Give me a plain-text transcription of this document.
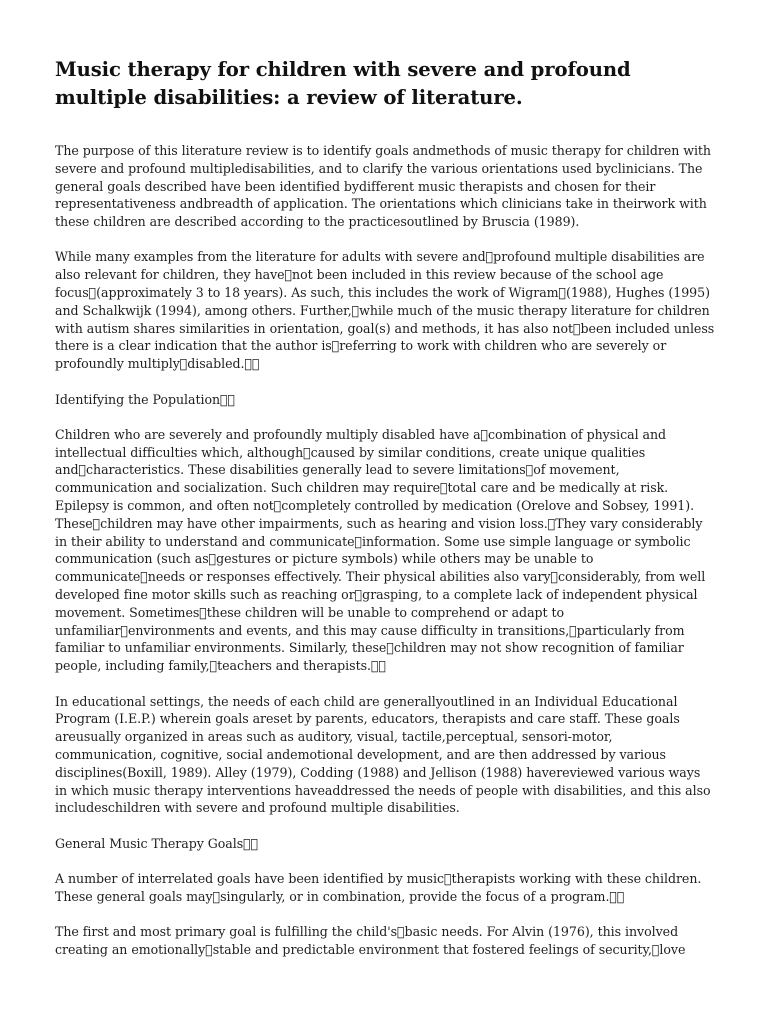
Music therapy for children with severe and profound multiple disabilities: a review of literature.

The purpose of this literature review is to identify goals andmethods of music therapy for children with severe and profound multipledisabilities, and to clarify the various orientations used byclinicians. The general goals described have been identified bydifferent music therapists and chosen for their representativeness andbreadth of application. The orientations which clinicians take in theirwork with these children are described according to the practicesoutlined by Bruscia (1989).

While many examples from the literature for adults with severe and profound multiple disabilities are also relevant for children, they have not been included in this review because of the school age focus (approximately 3 to 18 years). As such, this includes the work of Wigram (1988), Hughes (1995) and Schalkwijk (1994), among others. Further, while much of the music therapy literature for children with autism shares similarities in orientation, goal(s) and methods, it has also not been included unless there is a clear indication that the author is referring to work with children who are severely or profoundly multiply disabled.  

Identifying the Population  

Children who are severely and profoundly multiply disabled have a combination of physical and intellectual difficulties which, although caused by similar conditions, create unique qualities and characteristics. These disabilities generally lead to severe limitations of movement, communication and socialization. Such children may require total care and be medically at risk. Epilepsy is common, and often not completely controlled by medication (Orelove and Sobsey, 1991). These children may have other impairments, such as hearing and vision loss. They vary considerably in their ability to understand and communicate information. Some use simple language or symbolic communication (such as gestures or picture symbols) while others may be unable to communicate needs or responses effectively. Their physical abilities also vary considerably, from well developed fine motor skills such as reaching or grasping, to a complete lack of independent physical movement. Sometimes these children will be unable to comprehend or adapt to unfamiliar environments and events, and this may cause difficulty in transitions, particularly from familiar to unfamiliar environments. Similarly, these children may not show recognition of familiar people, including family, teachers and therapists.  

In educational settings, the needs of each child are generallyoutlined in an Individual Educational Program (I.E.P.) wherein goals areset by parents, educators, therapists and care staff. These goals areusually organized in areas such as auditory, visual, tactile,perceptual, sensori-motor, communication, cognitive, social andemotional development, and are then addressed by various disciplines(Boxill, 1989). Alley (1979), Codding (1988) and Jellison (1988) havereviewed various ways in which music therapy interventions haveaddressed the needs of people with disabilities, and this also includeschildren with severe and profound multiple disabilities.

General Music Therapy Goals  

A number of interrelated goals have been identified by music therapists working with these children. These general goals may singularly, or in combination, provide the focus of a program.  

The first and most primary goal is fulfilling the child's basic needs. For Alvin (1976), this involved creating an emotionally stable and predictable environment that fostered feelings of security, love
